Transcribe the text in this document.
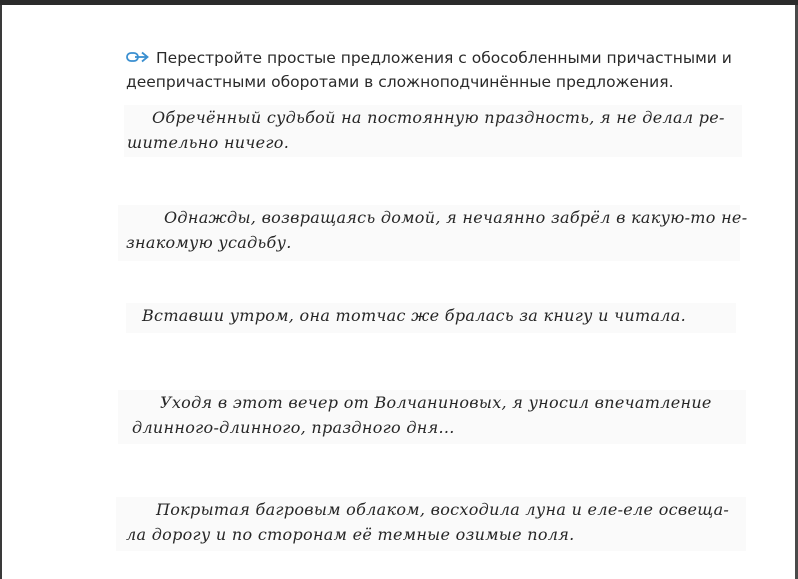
Перестройте простые предложения с обособленными причастными и деепричастными оборотами в сложноподчинённые предложения.
Обречённый судьбой на постоянную праздность, я не делал ре-
шительно ничего.
Однажды, возвращаясь домой, я нечаянно забрёл в какую-то не-
знакомую усадьбу.
Вставши утром, она тотчас же бралась за книгу и читала.
Уходя в этот вечер от Волчаниновых, я уносил впечатление
длинного-длинного, праздного дня...
Покрытая багровым облаком, восходила луна и еле-еле освеща-
ла дорогу и по сторонам её темные озимые поля.
